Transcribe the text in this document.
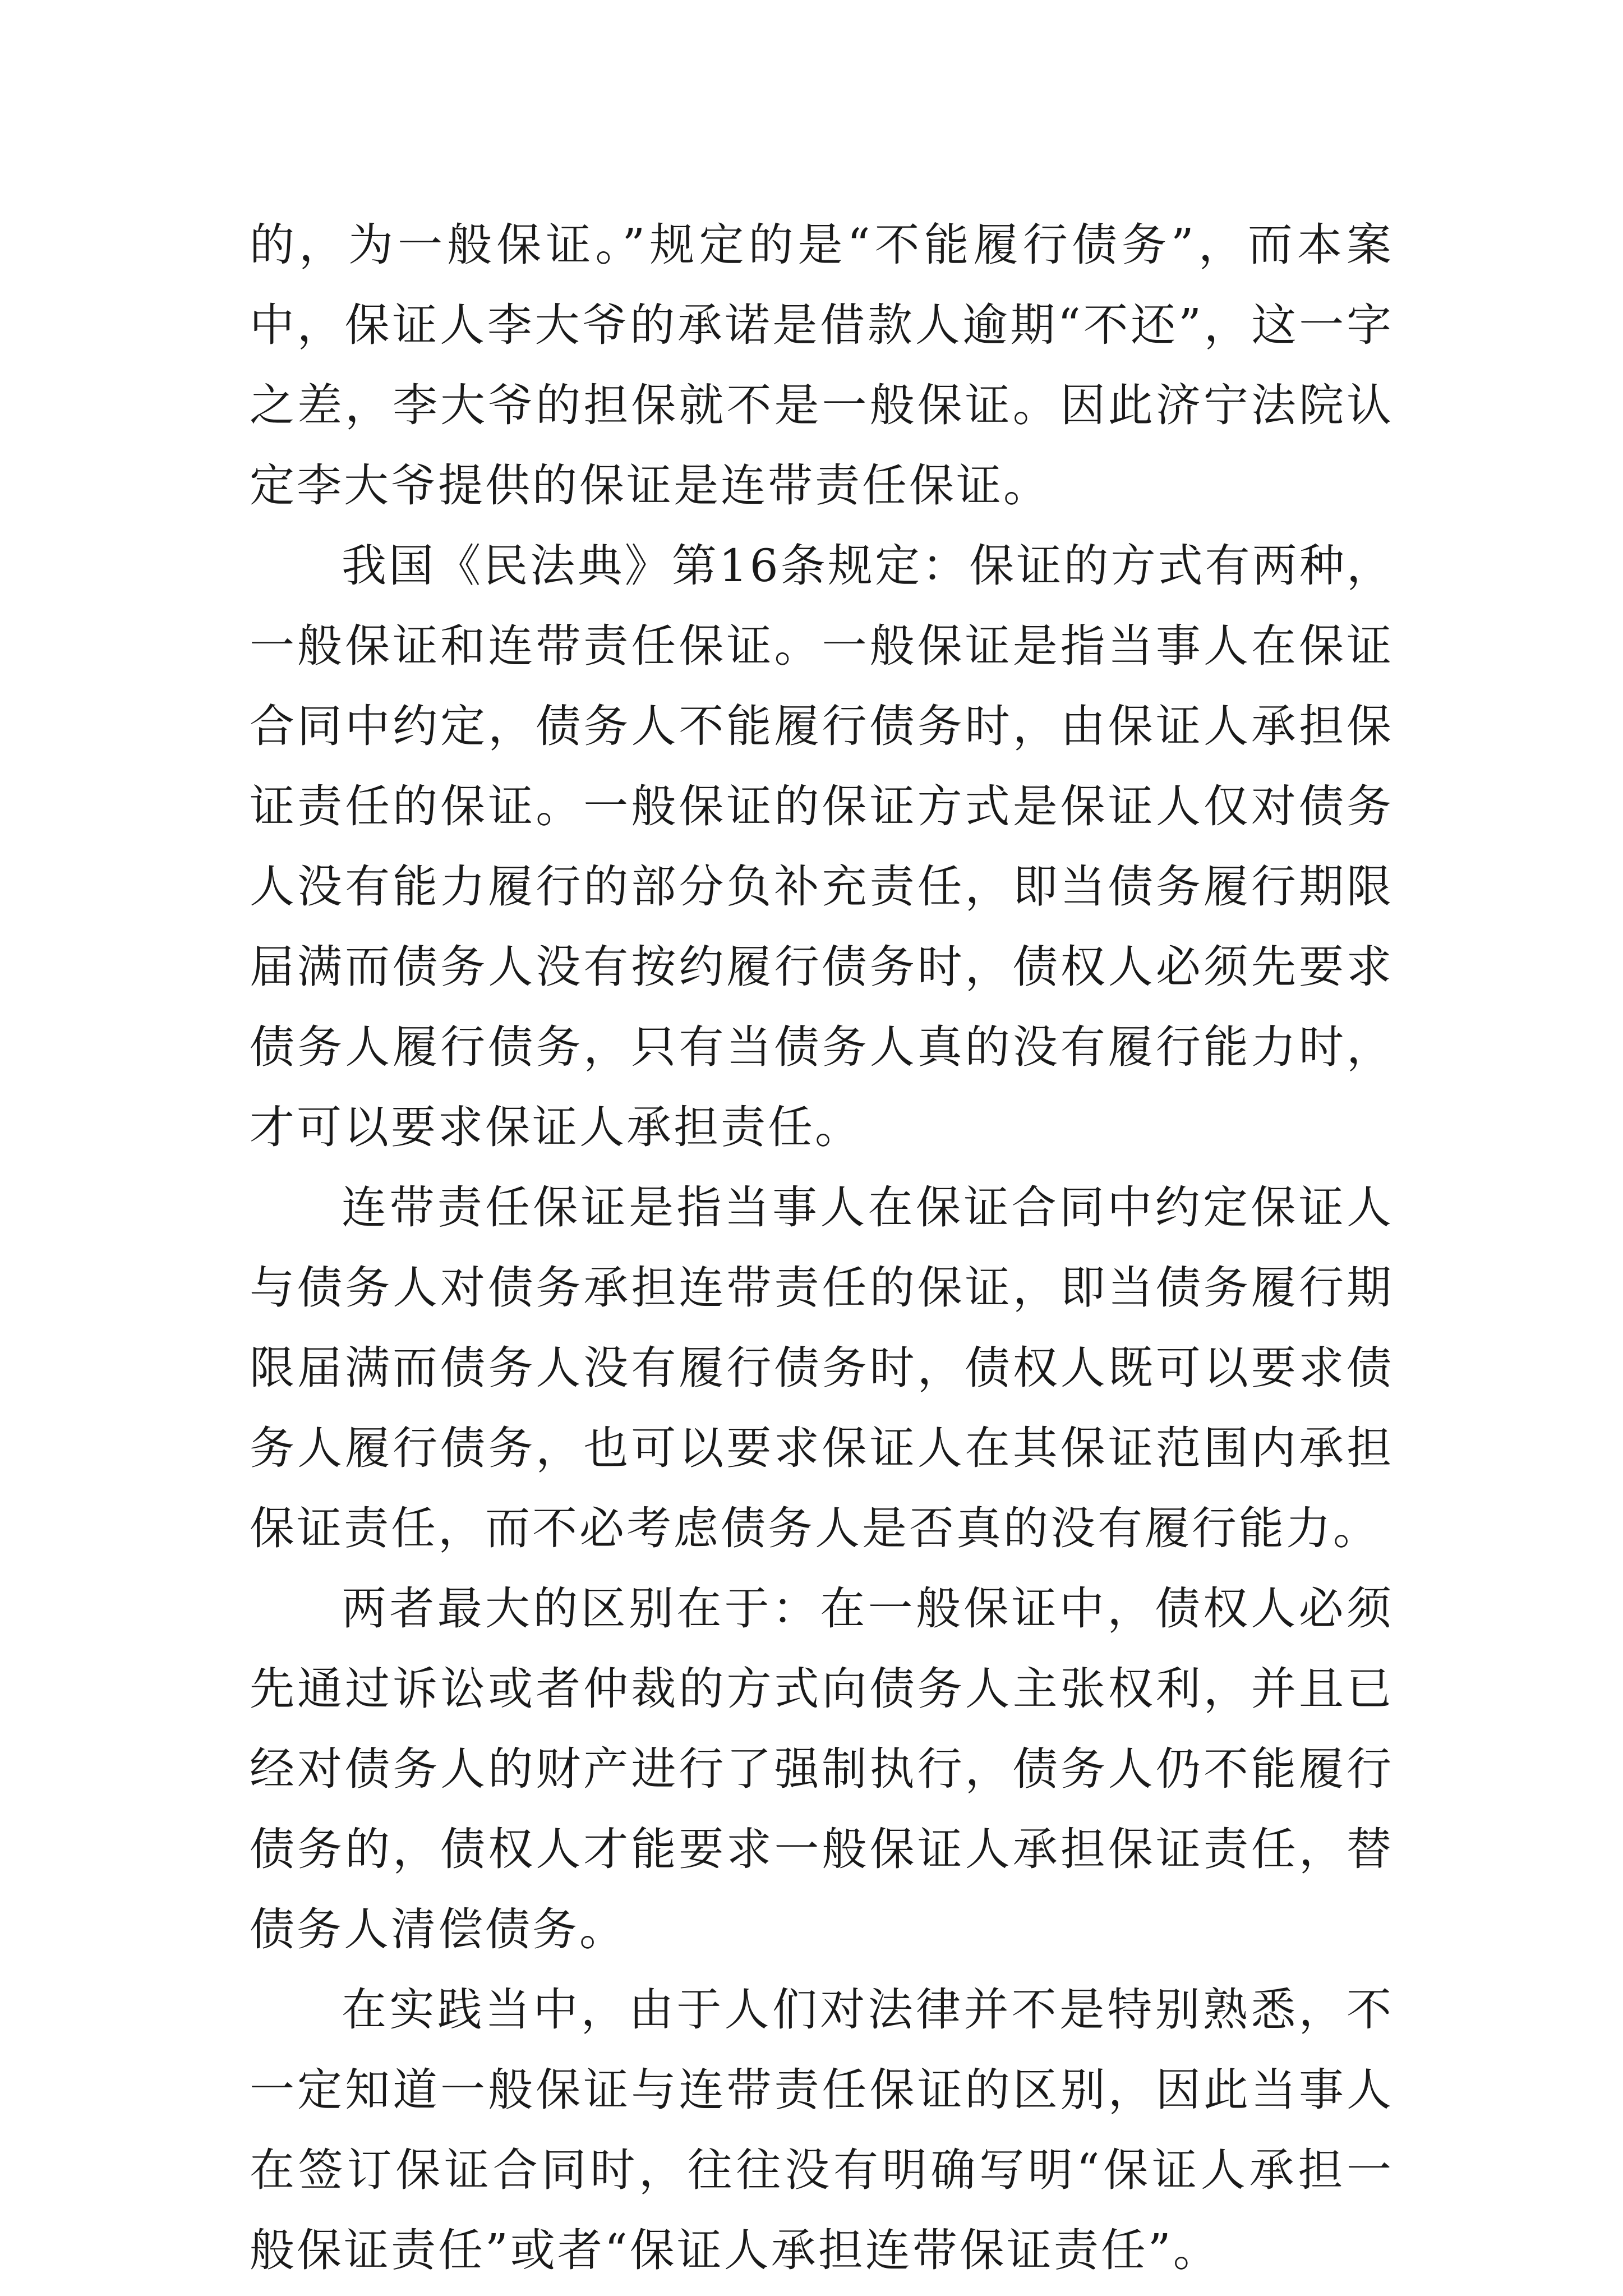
的，为一般保证。”规定的是“不能履行债务”，而本案中，保证人李大爷的承诺是借款人逾期“不还”，这一字之差，李大爷的担保就不是一般保证。因此济宁法院认定李大爷提供的保证是连带责任保证。

我国《民法典》第16条规定：保证的方式有两种，一般保证和连带责任保证。一般保证是指当事人在保证合同中约定，债务人不能履行债务时，由保证人承担保证责任的保证。一般保证的保证方式是保证人仅对债务人没有能力履行的部分负补充责任，即当债务履行期限届满而债务人没有按约履行债务时，债权人必须先要求债务人履行债务，只有当债务人真的没有履行能力时，才可以要求保证人承担责任。

连带责任保证是指当事人在保证合同中约定保证人与债务人对债务承担连带责任的保证，即当债务履行期限届满而债务人没有履行债务时，债权人既可以要求债务人履行债务，也可以要求保证人在其保证范围内承担保证责任，而不必考虑债务人是否真的没有履行能力。

两者最大的区别在于：在一般保证中，债权人必须先通过诉讼或者仲裁的方式向债务人主张权利，并且已经对债务人的财产进行了强制执行，债务人仍不能履行债务的，债权人才能要求一般保证人承担保证责任，替债务人清偿债务。

在实践当中，由于人们对法律并不是特别熟悉，不一定知道一般保证与连带责任保证的区别，因此当事人在签订保证合同时，往往没有明确写明“保证人承担一般保证责任”或者“保证人承担连带保证责任”。
